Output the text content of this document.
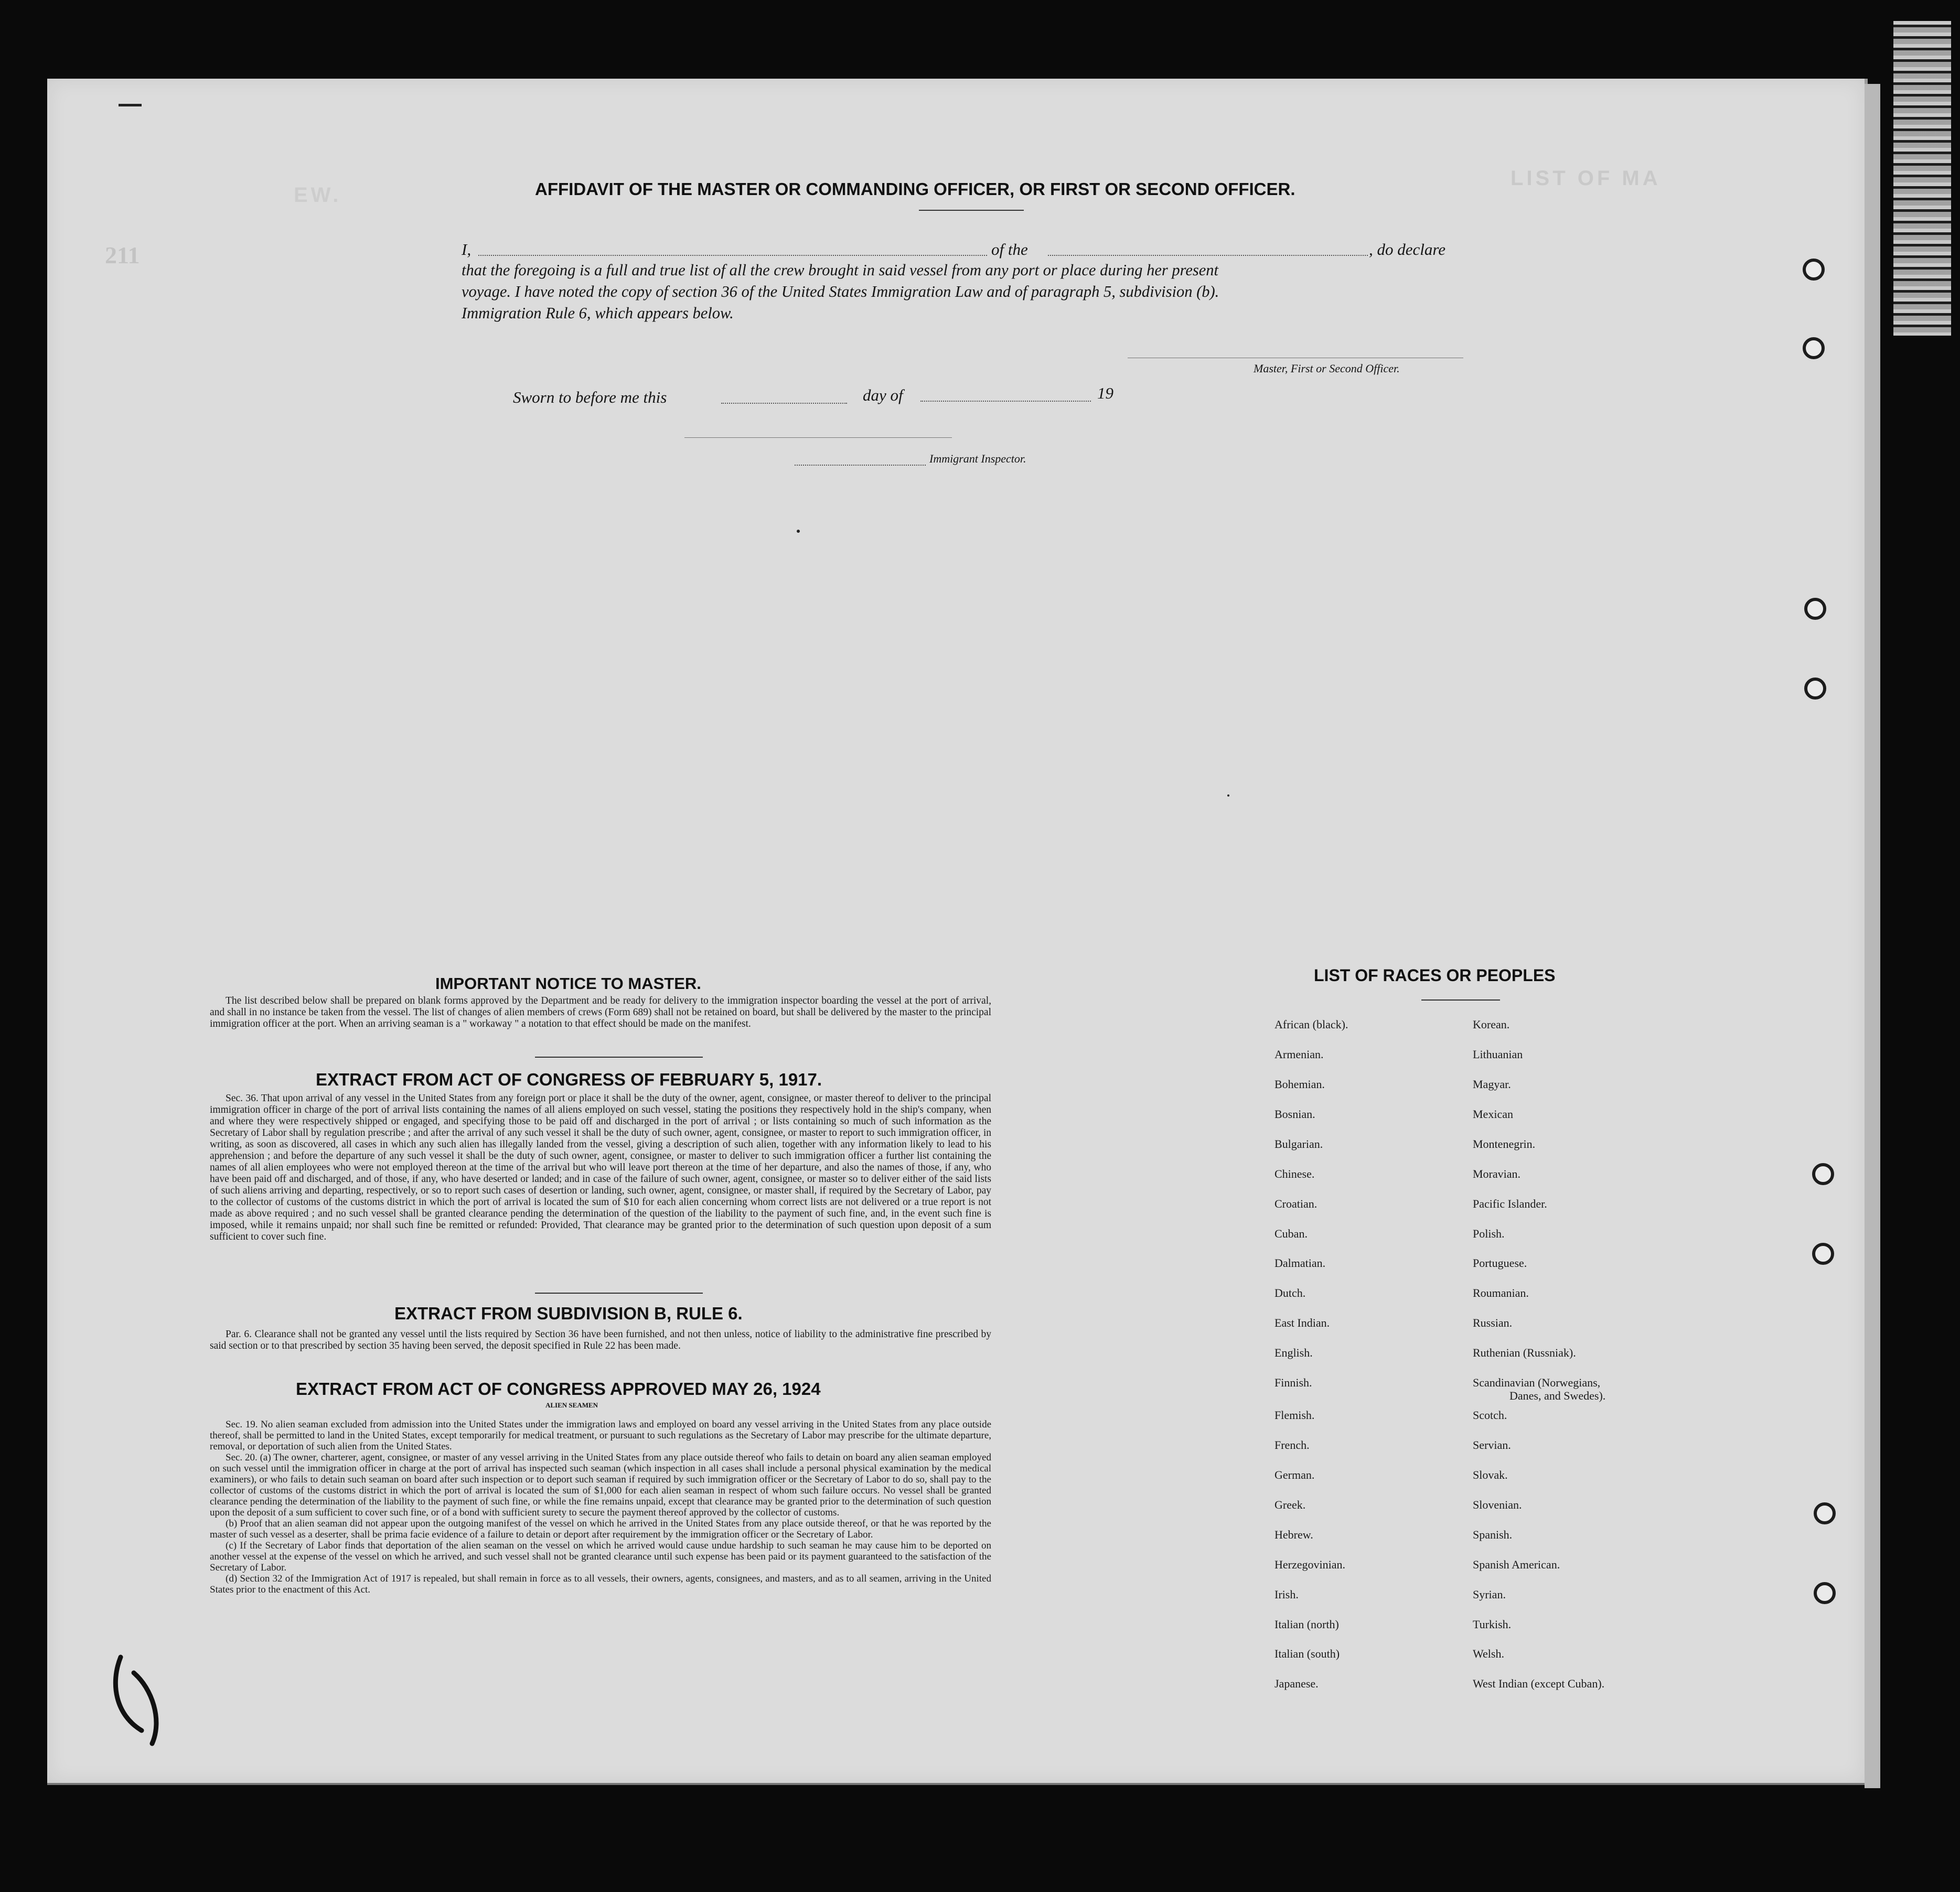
LIST OF MA
EW.
211
AFFIDAVIT OF THE MASTER OR COMMANDING OFFICER, OR FIRST OR SECOND OFFICER.
I,	of the	, do declare
that the foregoing is a full and true list of all the crew brought in said vessel from any port or place during her present
voyage. I have noted the copy of section 36 of the United States Immigration Law and of paragraph 5, subdivision (b).
Immigration Rule 6, which appears below.
Master, First or Second Officer.
Sworn to before me this	day of	19
Immigrant Inspector.
IMPORTANT NOTICE TO MASTER.

The list described below shall be prepared on blank forms approved by the Department and be ready for delivery to the immigration inspector boarding the vessel at the port of arrival, and shall in no instance be taken from the vessel. The list of changes of alien members of crews (Form 689) shall not be retained on board, but shall be delivered by the master to the principal immigration officer at the port. When an arriving seaman is a " workaway " a notation to that effect should be made on the manifest.

EXTRACT FROM ACT OF CONGRESS OF FEBRUARY 5, 1917.

Sec. 36. That upon arrival of any vessel in the United States from any foreign port or place it shall be the duty of the owner, agent, consignee, or master thereof to deliver to the principal immigration officer in charge of the port of arrival lists containing the names of all aliens employed on such vessel, stating the positions they respectively hold in the ship's company, when and where they were respectively shipped or engaged, and specifying those to be paid off and discharged in the port of arrival ; or lists containing so much of such information as the Secretary of Labor shall by regulation prescribe ; and after the arrival of any such vessel it shall be the duty of such owner, agent, consignee, or master to report to such immigration officer, in writing, as soon as discovered, all cases in which any such alien has illegally landed from the vessel, giving a description of such alien, together with any information likely to lead to his apprehension ; and before the departure of any such vessel it shall be the duty of such owner, agent, consignee, or master to deliver to such immigration officer a further list containing the names of all alien employees who were not employed thereon at the time of the arrival but who will leave port thereon at the time of her departure, and also the names of those, if any, who have been paid off and discharged, and of those, if any, who have deserted or landed; and in case of the failure of such owner, agent, consignee, or master so to deliver either of the said lists of such aliens arriving and departing, respectively, or so to report such cases of desertion or landing, such owner, agent, consignee, or master shall, if required by the Secretary of Labor, pay to the collector of customs of the customs district in which the port of arrival is located the sum of $10 for each alien concerning whom correct lists are not delivered or a true report is not made as above required ; and no such vessel shall be granted clearance pending the determination of the question of the liability to the payment of such fine, and, in the event such fine is imposed, while it remains unpaid; nor shall such fine be remitted or refunded: Provided, That clearance may be granted prior to the determination of such question upon deposit of a sum sufficient to cover such fine.

EXTRACT FROM SUBDIVISION B, RULE 6.

Par. 6. Clearance shall not be granted any vessel until the lists required by Section 36 have been furnished, and not then unless, notice of liability to the administrative fine prescribed by said section or to that prescribed by section 35 having been served, the deposit specified in Rule 22 has been made.

EXTRACT FROM ACT OF CONGRESS APPROVED MAY 26, 1924
ALIEN SEAMEN

Sec. 19. No alien seaman excluded from admission into the United States under the immigration laws and employed on board any vessel arriving in the United States from any place outside thereof, shall be permitted to land in the United States, except temporarily for medical treatment, or pursuant to such regulations as the Secretary of Labor may prescribe for the ultimate departure, removal, or deportation of such alien from the United States.

Sec. 20. (a) The owner, charterer, agent, consignee, or master of any vessel arriving in the United States from any place outside thereof who fails to detain on board any alien seaman employed on such vessel until the immigration officer in charge at the port of arrival has inspected such seaman (which inspection in all cases shall include a personal physical examination by the medical examiners), or who fails to detain such seaman on board after such inspection or to deport such seaman if required by such immigration officer or the Secretary of Labor to do so, shall pay to the collector of customs of the customs district in which the port of arrival is located the sum of $1,000 for each alien seaman in respect of whom such failure occurs. No vessel shall be granted clearance pending the determination of the liability to the payment of such fine, or while the fine remains unpaid, except that clearance may be granted prior to the determination of such question upon the deposit of a sum sufficient to cover such fine, or of a bond with sufficient surety to secure the payment thereof approved by the collector of customs.

(b) Proof that an alien seaman did not appear upon the outgoing manifest of the vessel on which he arrived in the United States from any place outside thereof, or that he was reported by the master of such vessel as a deserter, shall be prima facie evidence of a failure to detain or deport after requirement by the immigration officer or the Secretary of Labor.

(c) If the Secretary of Labor finds that deportation of the alien seaman on the vessel on which he arrived would cause undue hardship to such seaman he may cause him to be deported on another vessel at the expense of the vessel on which he arrived, and such vessel shall not be granted clearance until such expense has been paid or its payment guaranteed to the satisfaction of the Secretary of Labor.

(d) Section 32 of the Immigration Act of 1917 is repealed, but shall remain in force as to all vessels, their owners, agents, consignees, and masters, and as to all seamen, arriving in the United States prior to the enactment of this Act.

LIST OF RACES OR PEOPLES
African (black).
Armenian.
Bohemian.
Bosnian.
Bulgarian.
Chinese.
Croatian.
Cuban.
Dalmatian.
Dutch.
East Indian.
English.
Finnish.
Flemish.
French.
German.
Greek.
Hebrew.
Herzegovinian.
Irish.
Italian (north)
Italian (south)
Japanese.
Korean.
Lithuanian
Magyar.
Mexican
Montenegrin.
Moravian.
Pacific Islander.
Polish.
Portuguese.
Roumanian.
Russian.
Ruthenian (Russniak).
Scandinavian (Norwegians,
Danes, and Swedes).
Scotch.
Servian.
Slovak.
Slovenian.
Spanish.
Spanish American.
Syrian.
Turkish.
Welsh.
West Indian (except Cuban).
